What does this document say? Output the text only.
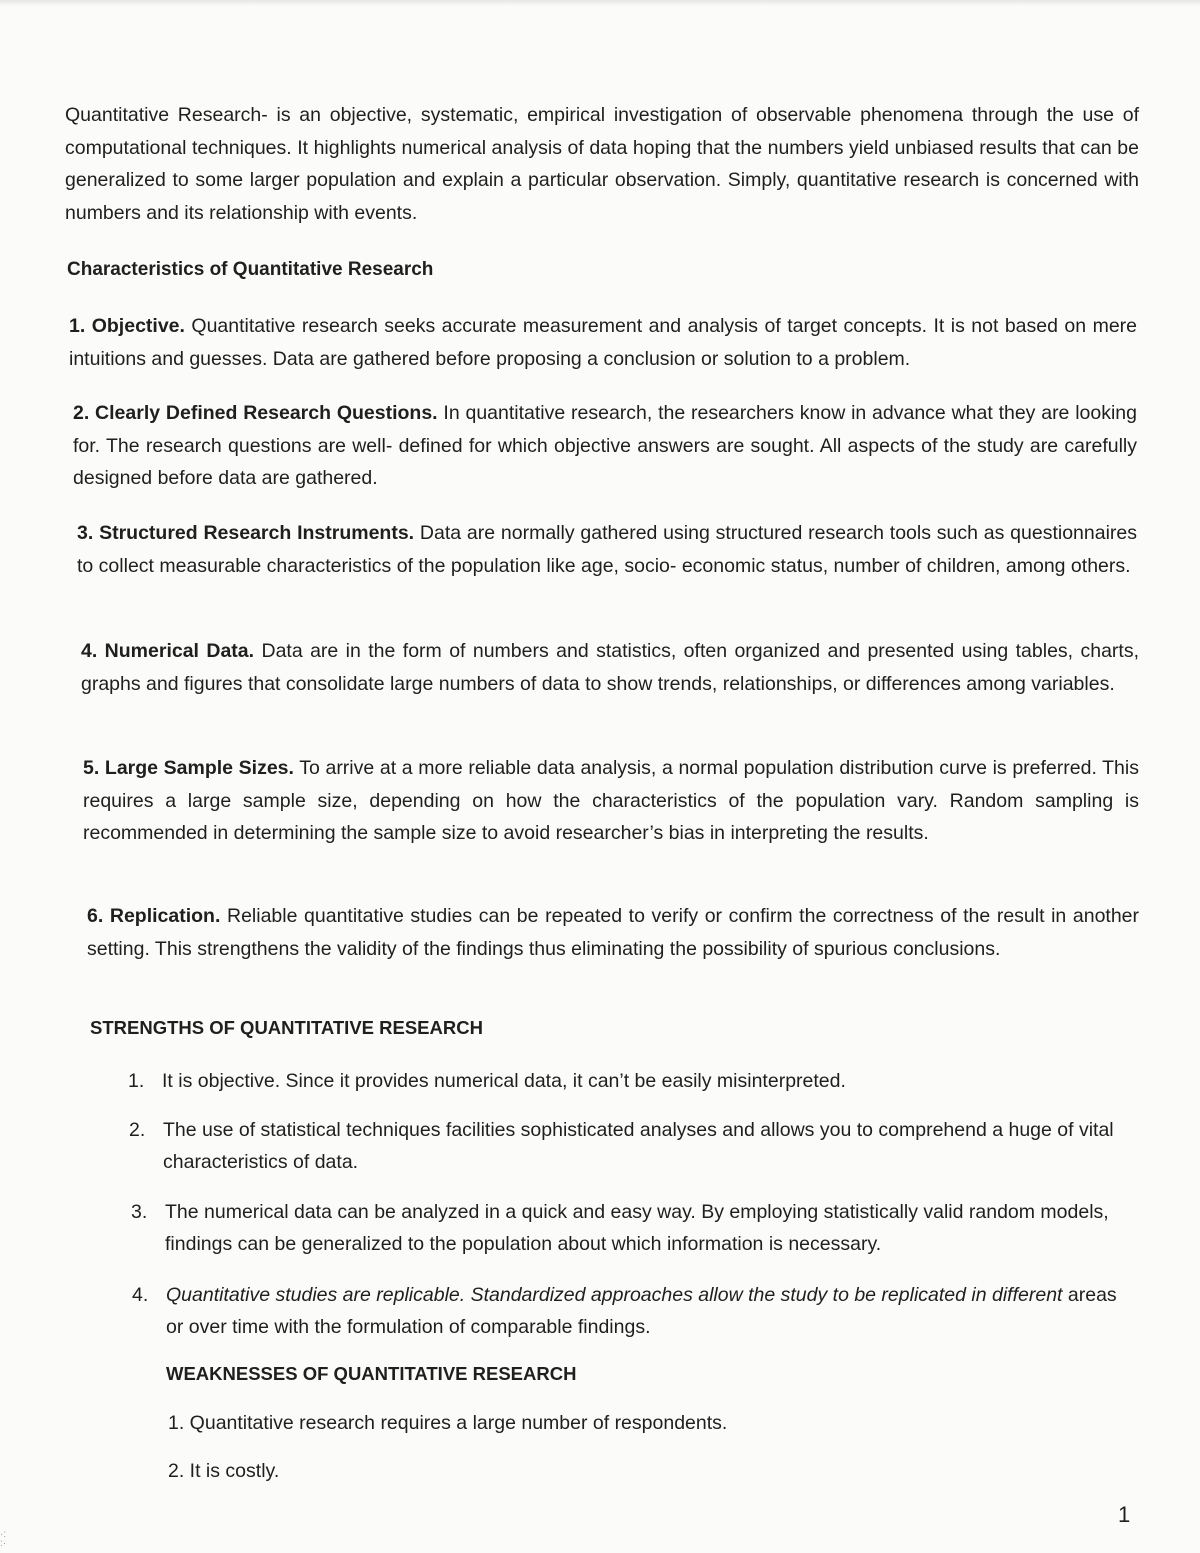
Quantitative Research- is an objective, systematic, empirical investigation of observable phenomena through the use of computational techniques. It highlights numerical analysis of data hoping that the numbers yield unbiased results that can be generalized to some larger population and explain a particular observation. Simply, quantitative research is concerned with numbers and its relationship with events.

Characteristics of Quantitative Research

1. Objective. Quantitative research seeks accurate measurement and analysis of target concepts. It is not based on mere intuitions and guesses. Data are gathered before proposing a conclusion or solution to a problem.

2. Clearly Defined Research Questions. In quantitative research, the researchers know in advance what they are looking for. The research questions are well- defined for which objective answers are sought. All aspects of the study are carefully designed before data are gathered.

3. Structured Research Instruments. Data are normally gathered using structured research tools such as questionnaires to collect measurable characteristics of the population like age, socio- economic status, number of children, among others.

4. Numerical Data. Data are in the form of numbers and statistics, often organized and presented using tables, charts, graphs and figures that consolidate large numbers of data to show trends, relationships, or differences among variables.

5. Large Sample Sizes. To arrive at a more reliable data analysis, a normal population distribution curve is preferred. This requires a large sample size, depending on how the characteristics of the population vary. Random sampling is recommended in determining the sample size to avoid researcher’s bias in interpreting the results.

6. Replication. Reliable quantitative studies can be repeated to verify or confirm the correctness of the result in another setting. This strengthens the validity of the findings thus eliminating the possibility of spurious conclusions.

STRENGTHS OF QUANTITATIVE RESEARCH

1. It is objective. Since it provides numerical data, it can’t be easily misinterpreted.
2. The use of statistical techniques facilities sophisticated analyses and allows you to comprehend a huge of vital characteristics of data.
3. The numerical data can be analyzed in a quick and easy way. By employing statistically valid random models, findings can be generalized to the population about which information is necessary.
4. Quantitative studies are replicable. Standardized approaches allow the study to be replicated in different areas or over time with the formulation of comparable findings.

WEAKNESSES OF QUANTITATIVE RESEARCH

1. Quantitative research requires a large number of respondents.
2. It is costly.
1
·:
:·
